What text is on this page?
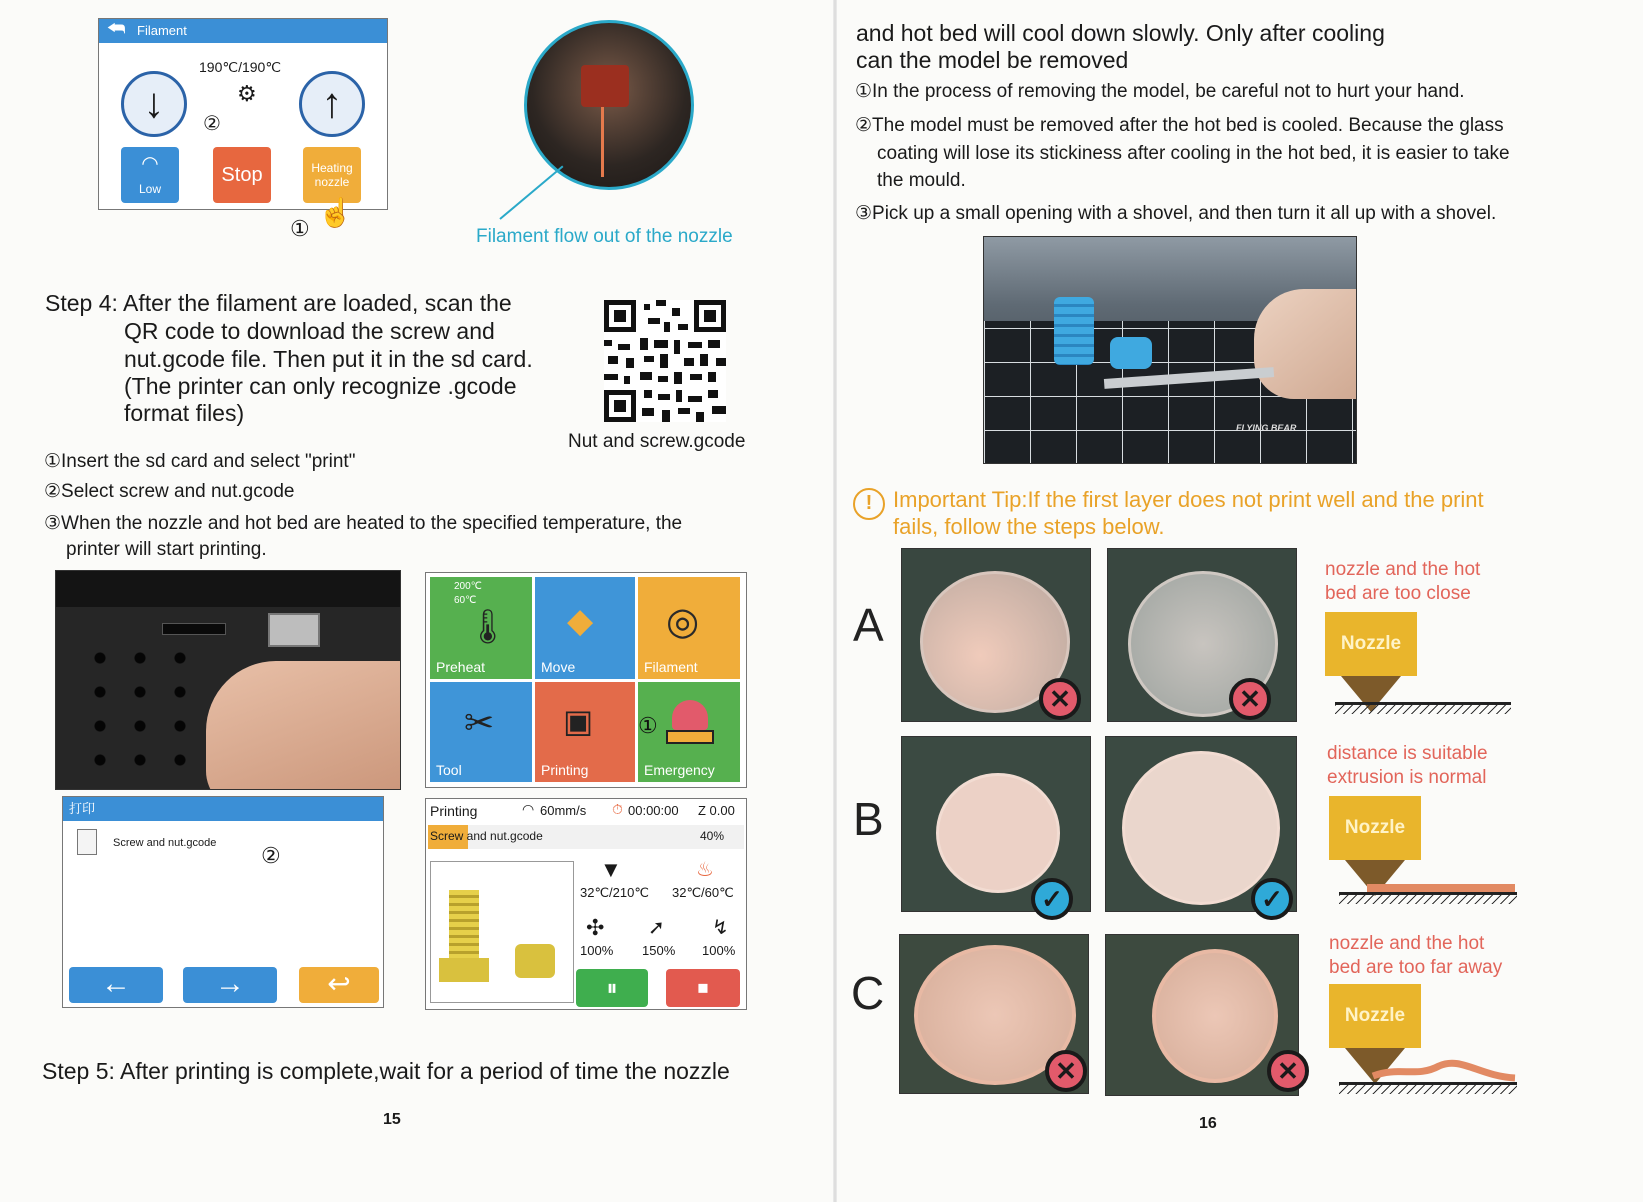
⮪ Filament
↓
190℃/190℃
⚙
②	↑
◠
Low
Stop	Heating nozzle
①
☝
Filament flow out of the nozzle
Step 4: After the filament are loaded, scan the
QR code to download the screw and
nut.gcode file. Then put it in the sd card.
(The printer can only recognize .gcode
format files)
Nut and screw.gcode
①Insert the sd card and select "print"
②Select screw and nut.gcode
③When the nozzle and hot bed are heated to the specified temperature, the
printer will start printing.
200℃
60℃
🌡
Preheat
◆
Move
◎
Filament
✂
Tool
▣
Printing	Emergency
①
打印
Screw and nut.gcode ②
←	→	↩
Printing	◠ 60mm/s ⏱ 00:00:00 Z 0.00
Screw and nut.gcode	40%
▼
32℃/210℃
♨
32℃/60℃
✣
100%
➚
150%
↯
100%
⏸	⏹
Step 5: After printing is complete,wait for a period of time the nozzle
15
and hot bed will cool down slowly. Only after cooling
can the model be removed
①In the process of removing the model, be careful not to hurt your hand.
②The model must be removed after the hot bed is cooled. Because the glass
coating will lose its stickiness after cooling in the hot bed, it is easier to take
the mould.
③Pick up a small opening with a shovel, and then turn it all up with a shovel.
FLYING BEAR
! Important Tip:If the first layer does not print well and the print
fails, follow the steps below.
A
✕	✕
nozzle and the hot
bed are too close
Nozzle
B
✓	✓
distance is suitable
extrusion is normal
Nozzle
C
✕	✕
nozzle and the hot
bed are too far away
Nozzle
16
